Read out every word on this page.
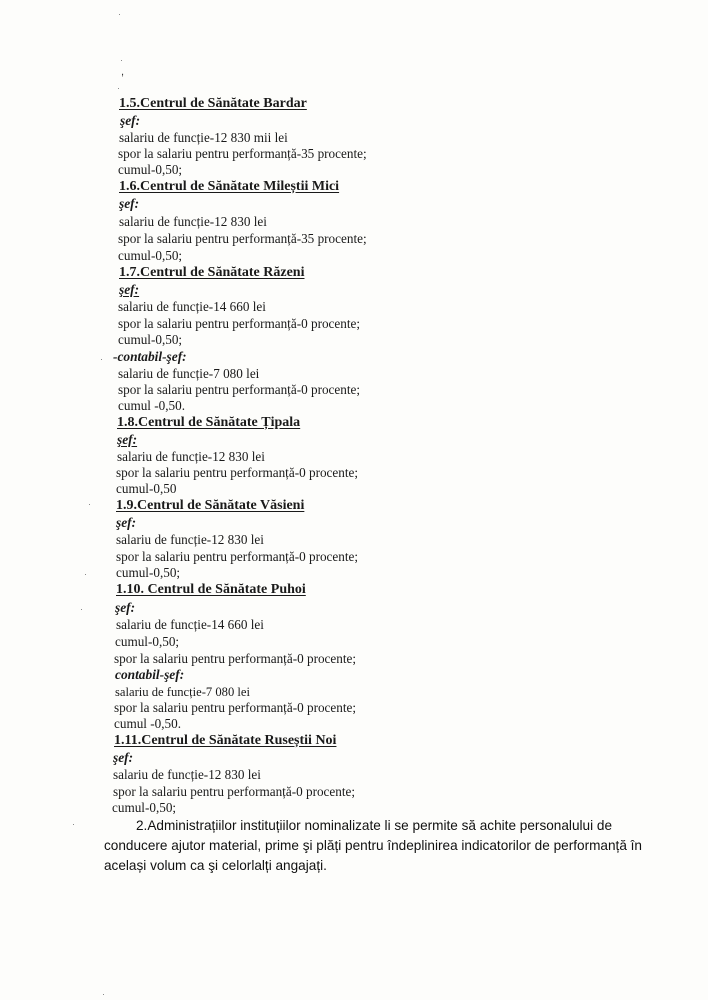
·
·
,
·
·
·
·
·
·
·
1.5.Centrul de Sănătate Bardar
şef:
salariu de funcție-12 830 mii lei
spor la salariu pentru performanță-35 procente;
cumul-0,50;
1.6.Centrul de Sănătate Mileștii Mici
şef:
salariu de funcție-12 830 lei
spor la salariu pentru performanță-35 procente;
cumul-0,50;
1.7.Centrul de Sănătate Răzeni
şef:
salariu de funcție-14 660 lei
spor la salariu pentru performanță-0 procente;
cumul-0,50;
-contabil-şef:
salariu de funcție-7 080 lei
spor la salariu pentru performanță-0 procente;
cumul -0,50.
1.8.Centrul de Sănătate Țipala
şef:
salariu de funcție-12 830 lei
spor la salariu pentru performanță-0 procente;
cumul-0,50
1.9.Centrul de Sănătate Văsieni
şef:
salariu de funcție-12 830 lei
spor la salariu pentru performanță-0 procente;
cumul-0,50;
1.10. Centrul de Sănătate Puhoi
şef:
salariu de funcție-14 660 lei
cumul-0,50;
spor la salariu pentru performanță-0 procente;
contabil-şef:
salariu de funcție-7 080 lei
spor la salariu pentru performanță-0 procente;
cumul -0,50.
1.11.Centrul de Sănătate Ruseștii Noi
şef:
salariu de funcție-12 830 lei
spor la salariu pentru performanță-0 procente;
cumul-0,50;
2.Administrațiilor instituțiilor nominalizate li se permite să achite personalului de conducere ajutor material, prime şi plăți pentru îndeplinirea indicatorilor de performanță în același volum ca şi celorlalți angajați.
